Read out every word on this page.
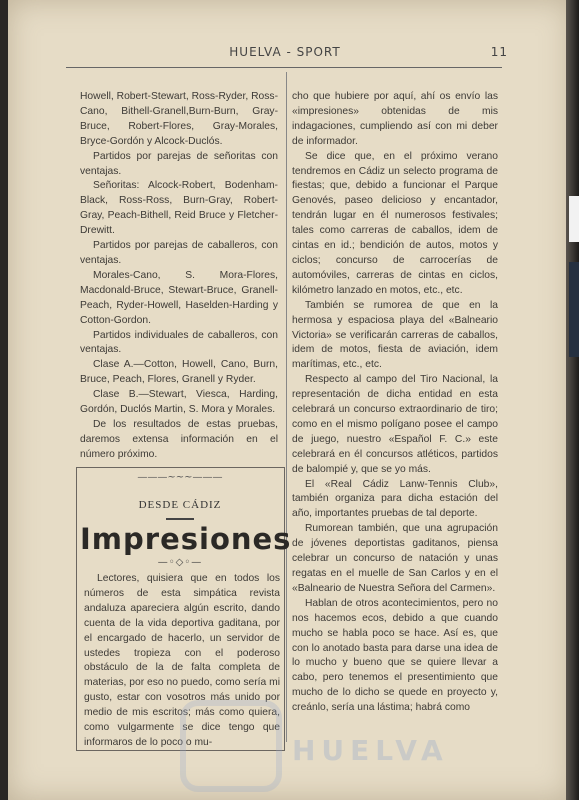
HUELVA - SPORT	11

Howell, Robert-Stewart, Ross-Ryder, Ross-Cano, Bithell-Granell,Burn-Burn, Gray-Bruce, Robert-Flores, Gray-Morales, Bryce-Gordón y Alcock-Duclós.

Partidos por parejas de señoritas con ventajas.

Señoritas: Alcock-Robert, Bodenham-Black, Ross-Ross, Burn-Gray, Robert-Gray, Peach-Bithell, Reid Bruce y Fletcher-Drewitt.

Partidos por parejas de caballeros, con ventajas.

Morales-Cano, S. Mora-Flores, Macdonald-Bruce, Stewart-Bruce, Granell-Peach, Ryder-Howell, Haselden-Harding y Cotton-Gordon.

Partidos individuales de caballeros, con ventajas.

Clase A.—Cotton, Howell, Cano, Burn, Bruce, Peach, Flores, Granell y Ryder.

Clase B.—Stewart, Viesca, Harding, Gordón, Duclós Martin, S. Mora y Morales.

De los resultados de estas pruebas, daremos extensa información en el número próximo.

———~~~———
DESDE CÁDIZ
Impresiones
—◦◇◦—

Lectores, quisiera que en todos los números de esta simpática revista andaluza apareciera algún escrito, dando cuenta de la vida deportiva gaditana, por el encargado de hacerlo, un servidor de ustedes tropieza con el poderoso obstáculo de la de falta completa de materias, por eso no puedo, como sería mi gusto, estar con vosotros más unido por medio de mis escritos; más como quiera, como vulgarmente se dice tengo que informaros de lo poco o mu-

cho que hubiere por aquí, ahí os envío las «impresiones» obtenidas de mis indagaciones, cumpliendo así con mi deber de informador.

Se dice que, en el próximo verano tendremos en Cádiz un selecto programa de fiestas; que, debido a funcionar el Parque Genovés, paseo delicioso y encantador, tendrán lugar en él numerosos festivales; tales como carreras de caballos, idem de cintas en id.; bendición de autos, motos y ciclos; concurso de carrocerías de automóviles, carreras de cintas en ciclos, kilómetro lanzado en motos, etc., etc.

También se rumorea de que en la hermosa y espaciosa playa del «Balneario Victoria» se verificarán carreras de caballos, idem de motos, fiesta de aviación, idem marítimas, etc., etc.

Respecto al campo del Tiro Nacional, la representación de dicha entidad en esta celebrará un concurso extraordinario de tiro; como en el mismo polígano posee el campo de juego, nuestro «Español F. C.» este celebrará en él concursos atléticos, partidos de balompié y, que se yo más.

El «Real Cádiz Lanw-Tennis Club», también organiza para dicha estación del año, importantes pruebas de tal deporte.

Rumorean también, que una agrupación de jóvenes deportistas gaditanos, piensa celebrar un concurso de natación y unas regatas en el muelle de San Carlos y en el «Balneario de Nuestra Señora del Carmen».

Hablan de otros acontecimientos, pero no nos hacemos ecos, debido a que cuando mucho se habla poco se hace. Así es, que con lo anotado basta para darse una idea de lo mucho y bueno que se quiere llevar a cabo, pero tenemos el presentimiento que mucho de lo dicho se quede en proyecto y, creánlo, sería una lástima; habrá como

HUELVA
